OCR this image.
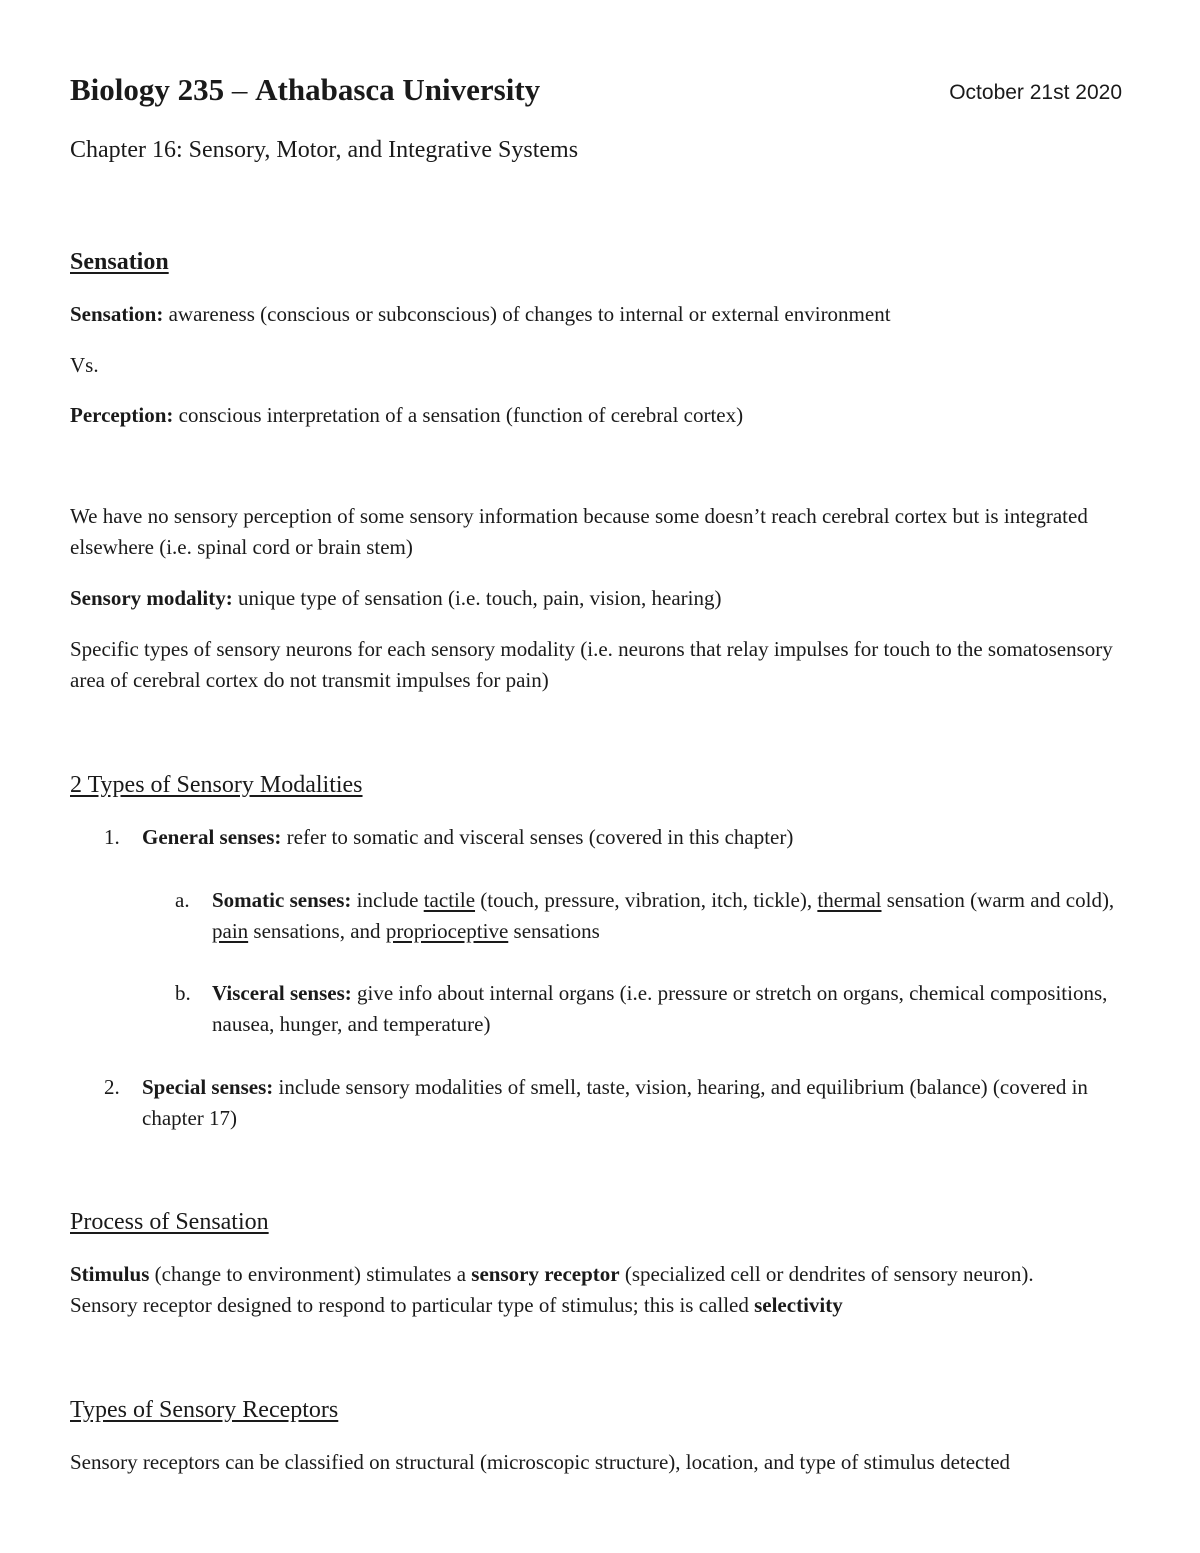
Biology 235 – Athabasca University	October 21st 2020
Chapter 16: Sensory, Motor, and Integrative Systems
Sensation

Sensation: awareness (conscious or subconscious) of changes to internal or external environment

Vs.

Perception: conscious interpretation of a sensation (function of cerebral cortex)

We have no sensory perception of some sensory information because some doesn’t reach cerebral cortex but is integrated elsewhere (i.e. spinal cord or brain stem)

Sensory modality: unique type of sensation (i.e. touch, pain, vision, hearing)

Specific types of sensory neurons for each sensory modality (i.e. neurons that relay impulses for touch to the somatosensory area of cerebral cortex do not transmit impulses for pain)

2 Types of Sensory Modalities
1. General senses: refer to somatic and visceral senses (covered in this chapter)

a. Somatic senses: include tactile (touch, pressure, vibration, itch, tickle), thermal sensation (warm and cold), pain sensations, and proprioceptive sensations

b. Visceral senses: give info about internal organs (i.e. pressure or stretch on organs, chemical compositions, nausea, hunger, and temperature)

2. Special senses: include sensory modalities of smell, taste, vision, hearing, and equilibrium (balance) (covered in chapter 17)

Process of Sensation

Stimulus (change to environment) stimulates a sensory receptor (specialized cell or dendrites of sensory neuron). Sensory receptor designed to respond to particular type of stimulus; this is called selectivity

Types of Sensory Receptors

Sensory receptors can be classified on structural (microscopic structure), location, and type of stimulus detected
